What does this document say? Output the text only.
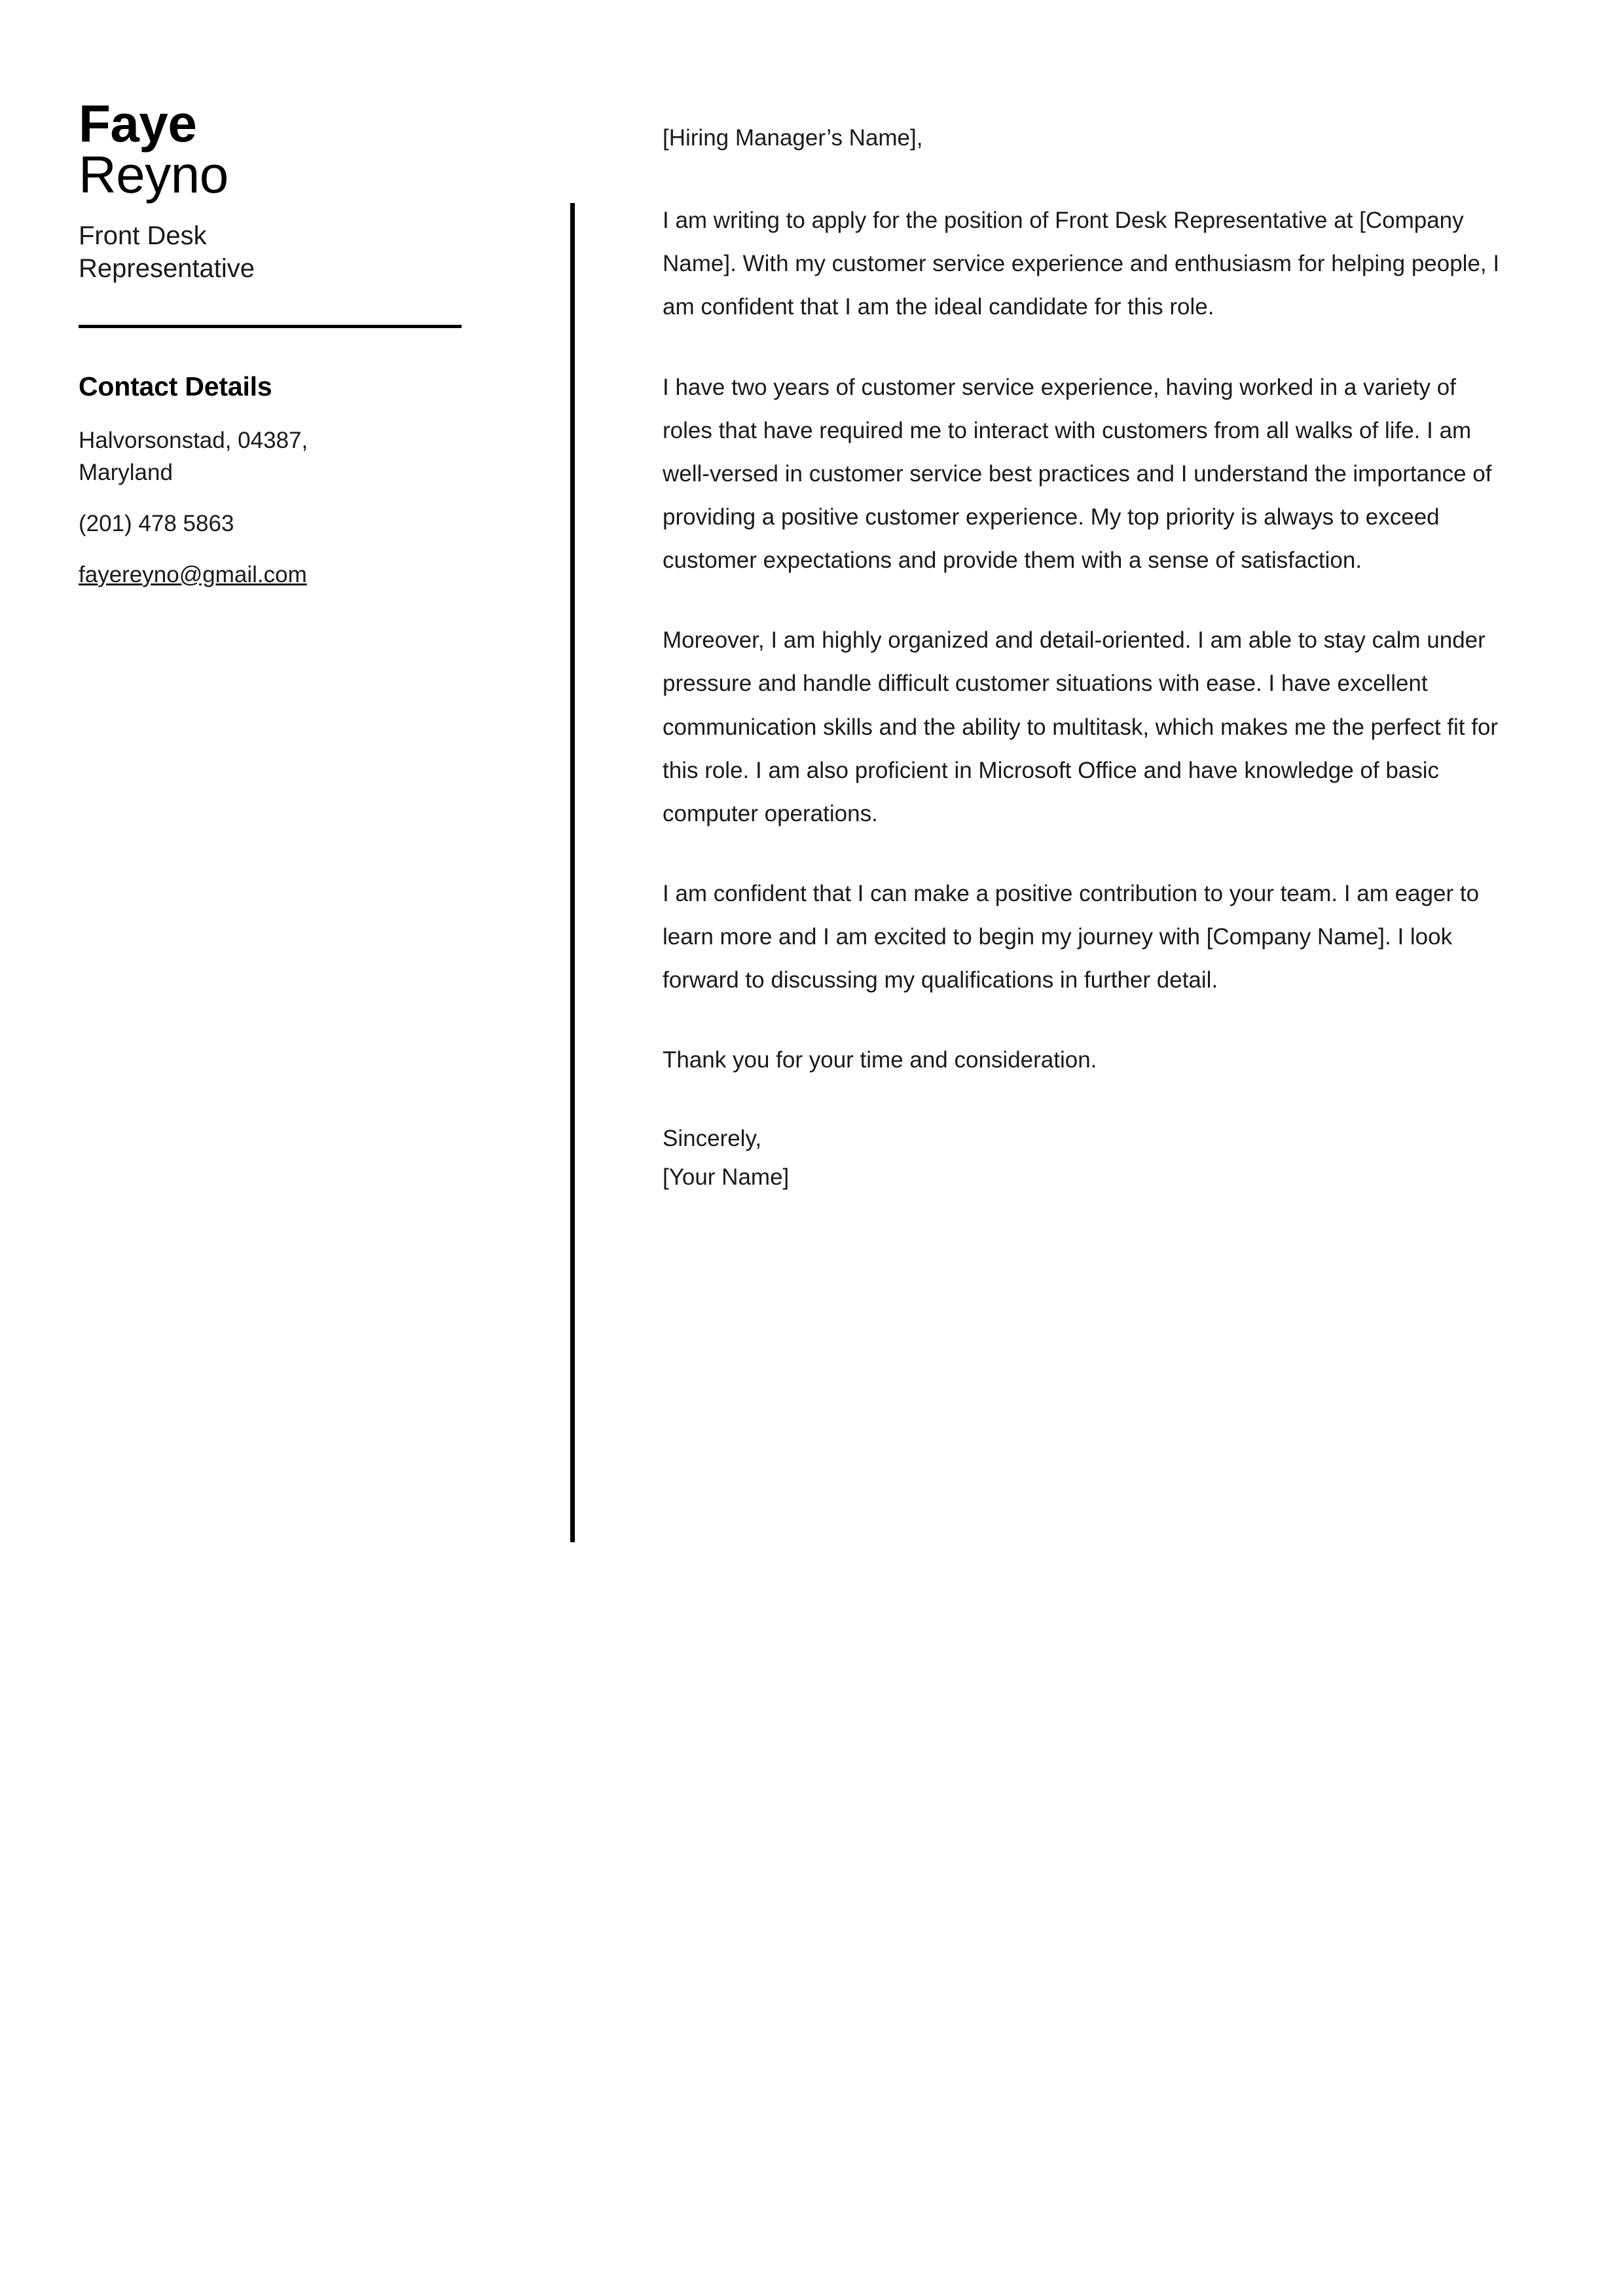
Faye
Reyno

Front Desk Representative

Contact Details
Halvorsonstad, 04387,
Maryland
(201) 478 5863
fayereyno@gmail.com

[Hiring Manager’s Name],

I am writing to apply for the position of Front Desk Representative at [Company Name]. With my customer service experience and enthusiasm for helping people, I am confident that I am the ideal candidate for this role.

I have two years of customer service experience, having worked in a variety of roles that have required me to interact with customers from all walks of life. I am well-versed in customer service best practices and I understand the importance of providing a positive customer experience. My top priority is always to exceed customer expectations and provide them with a sense of satisfaction.

Moreover, I am highly organized and detail-oriented. I am able to stay calm under pressure and handle difficult customer situations with ease. I have excellent communication skills and the ability to multitask, which makes me the perfect fit for this role. I am also proficient in Microsoft Office and have knowledge of basic computer operations.

I am confident that I can make a positive contribution to your team. I am eager to learn more and I am excited to begin my journey with [Company Name]. I look forward to discussing my qualifications in further detail.

Thank you for your time and consideration.

Sincerely,
[Your Name]
